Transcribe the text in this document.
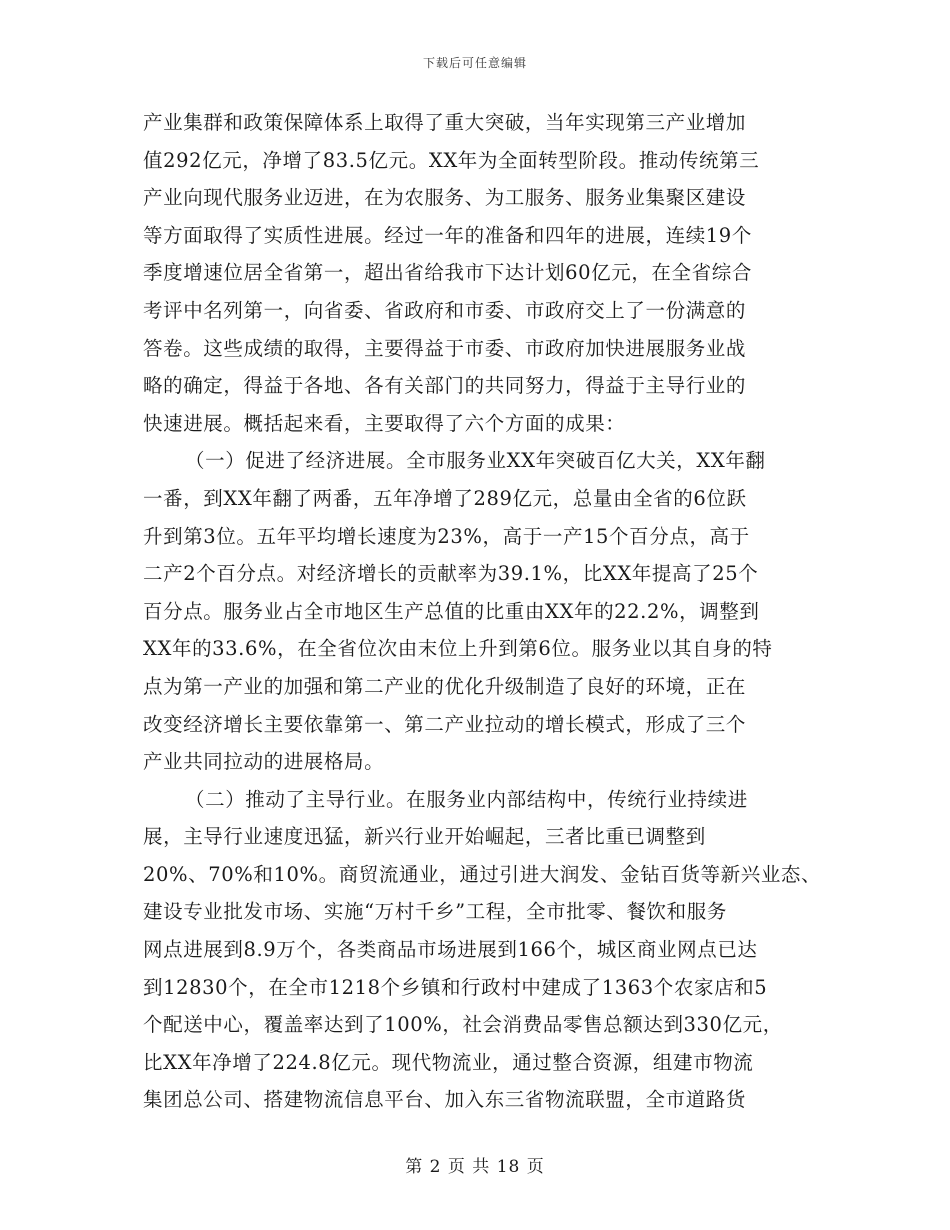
下载后可任意编辑
产业集群和政策保障体系上取得了重大突破，当年实现第三产业增加
值292亿元，净增了83.5亿元。XX年为全面转型阶段。推动传统第三
产业向现代服务业迈进，在为农服务、为工服务、服务业集聚区建设
等方面取得了实质性进展。经过一年的准备和四年的进展，连续19个
季度增速位居全省第一，超出省给我市下达计划60亿元，在全省综合
考评中名列第一，向省委、省政府和市委、市政府交上了一份满意的
答卷。这些成绩的取得，主要得益于市委、市政府加快进展服务业战
略的确定，得益于各地、各有关部门的共同努力，得益于主导行业的
快速进展。概括起来看，主要取得了六个方面的成果：
（一）促进了经济进展。全市服务业XX年突破百亿大关，XX年翻
一番，到XX年翻了两番，五年净增了289亿元，总量由全省的6位跃
升到第3位。五年平均增长速度为23%，高于一产15个百分点，高于
二产2个百分点。对经济增长的贡献率为39.1%，比XX年提高了25个
百分点。服务业占全市地区生产总值的比重由XX年的22.2%，调整到
XX年的33.6%，在全省位次由末位上升到第6位。服务业以其自身的特
点为第一产业的加强和第二产业的优化升级制造了良好的环境，正在
改变经济增长主要依靠第一、第二产业拉动的增长模式，形成了三个
产业共同拉动的进展格局。
（二）推动了主导行业。在服务业内部结构中，传统行业持续进
展，主导行业速度迅猛，新兴行业开始崛起，三者比重已调整到
20%、70%和10%。商贸流通业，通过引进大润发、金钻百货等新兴业态、
建设专业批发市场、实施“万村千乡”工程，全市批零、餐饮和服务
网点进展到8.9万个，各类商品市场进展到166个，城区商业网点已达
到12830个，在全市1218个乡镇和行政村中建成了1363个农家店和5
个配送中心，覆盖率达到了100%，社会消费品零售总额达到330亿元，
比XX年净增了224.8亿元。现代物流业，通过整合资源，组建市物流
集团总公司、搭建物流信息平台、加入东三省物流联盟，全市道路货
第 2 页 共 18 页
